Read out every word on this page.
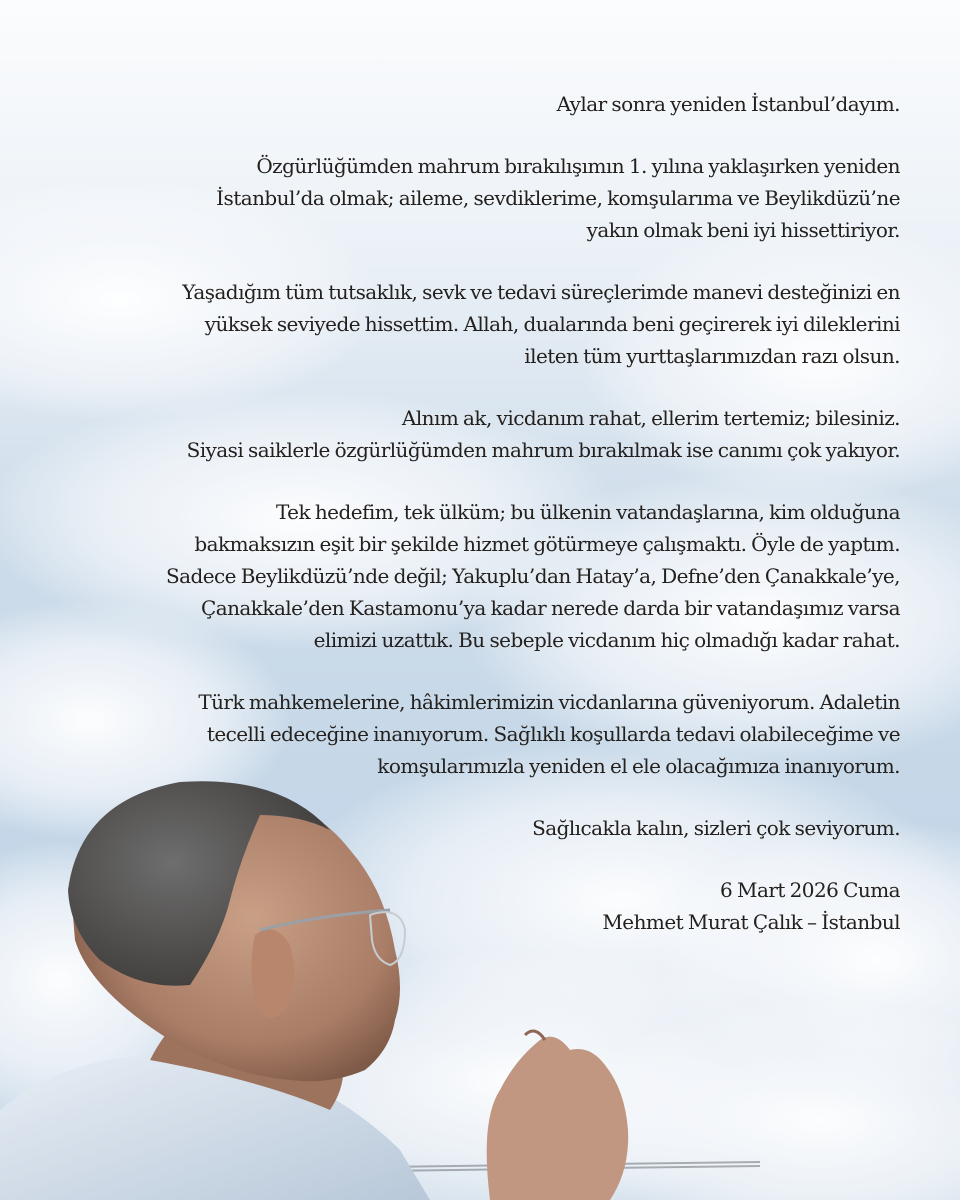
Aylar sonra yeniden İstanbul’dayım.

Özgürlüğümden mahrum bırakılışımın 1. yılına yaklaşırken yeniden
İstanbul’da olmak; aileme, sevdiklerime, komşularıma ve Beylikdüzü’ne
yakın olmak beni iyi hissettiriyor.

Yaşadığım tüm tutsaklık, sevk ve tedavi süreçlerimde manevi desteğinizi en
yüksek seviyede hissettim. Allah, dualarında beni geçirerek iyi dileklerini
ileten tüm yurttaşlarımızdan razı olsun.

Alnım ak, vicdanım rahat, ellerim tertemiz; bilesiniz.
Siyasi saiklerle özgürlüğümden mahrum bırakılmak ise canımı çok yakıyor.

Tek hedefim, tek ülküm; bu ülkenin vatandaşlarına, kim olduğuna
bakmaksızın eşit bir şekilde hizmet götürmeye çalışmaktı. Öyle de yaptım.
Sadece Beylikdüzü’nde değil; Yakuplu’dan Hatay’a, Defne’den Çanakkale’ye,
Çanakkale’den Kastamonu’ya kadar nerede darda bir vatandaşımız varsa
elimizi uzattık. Bu sebeple vicdanım hiç olmadığı kadar rahat.

Türk mahkemelerine, hâkimlerimizin vicdanlarına güveniyorum. Adaletin
tecelli edeceğine inanıyorum. Sağlıklı koşullarda tedavi olabileceğime ve
komşularımızla yeniden el ele olacağımıza inanıyorum.

Sağlıcakla kalın, sizleri çok seviyorum.

6 Mart 2026 Cuma
Mehmet Murat Çalık – İstanbul
